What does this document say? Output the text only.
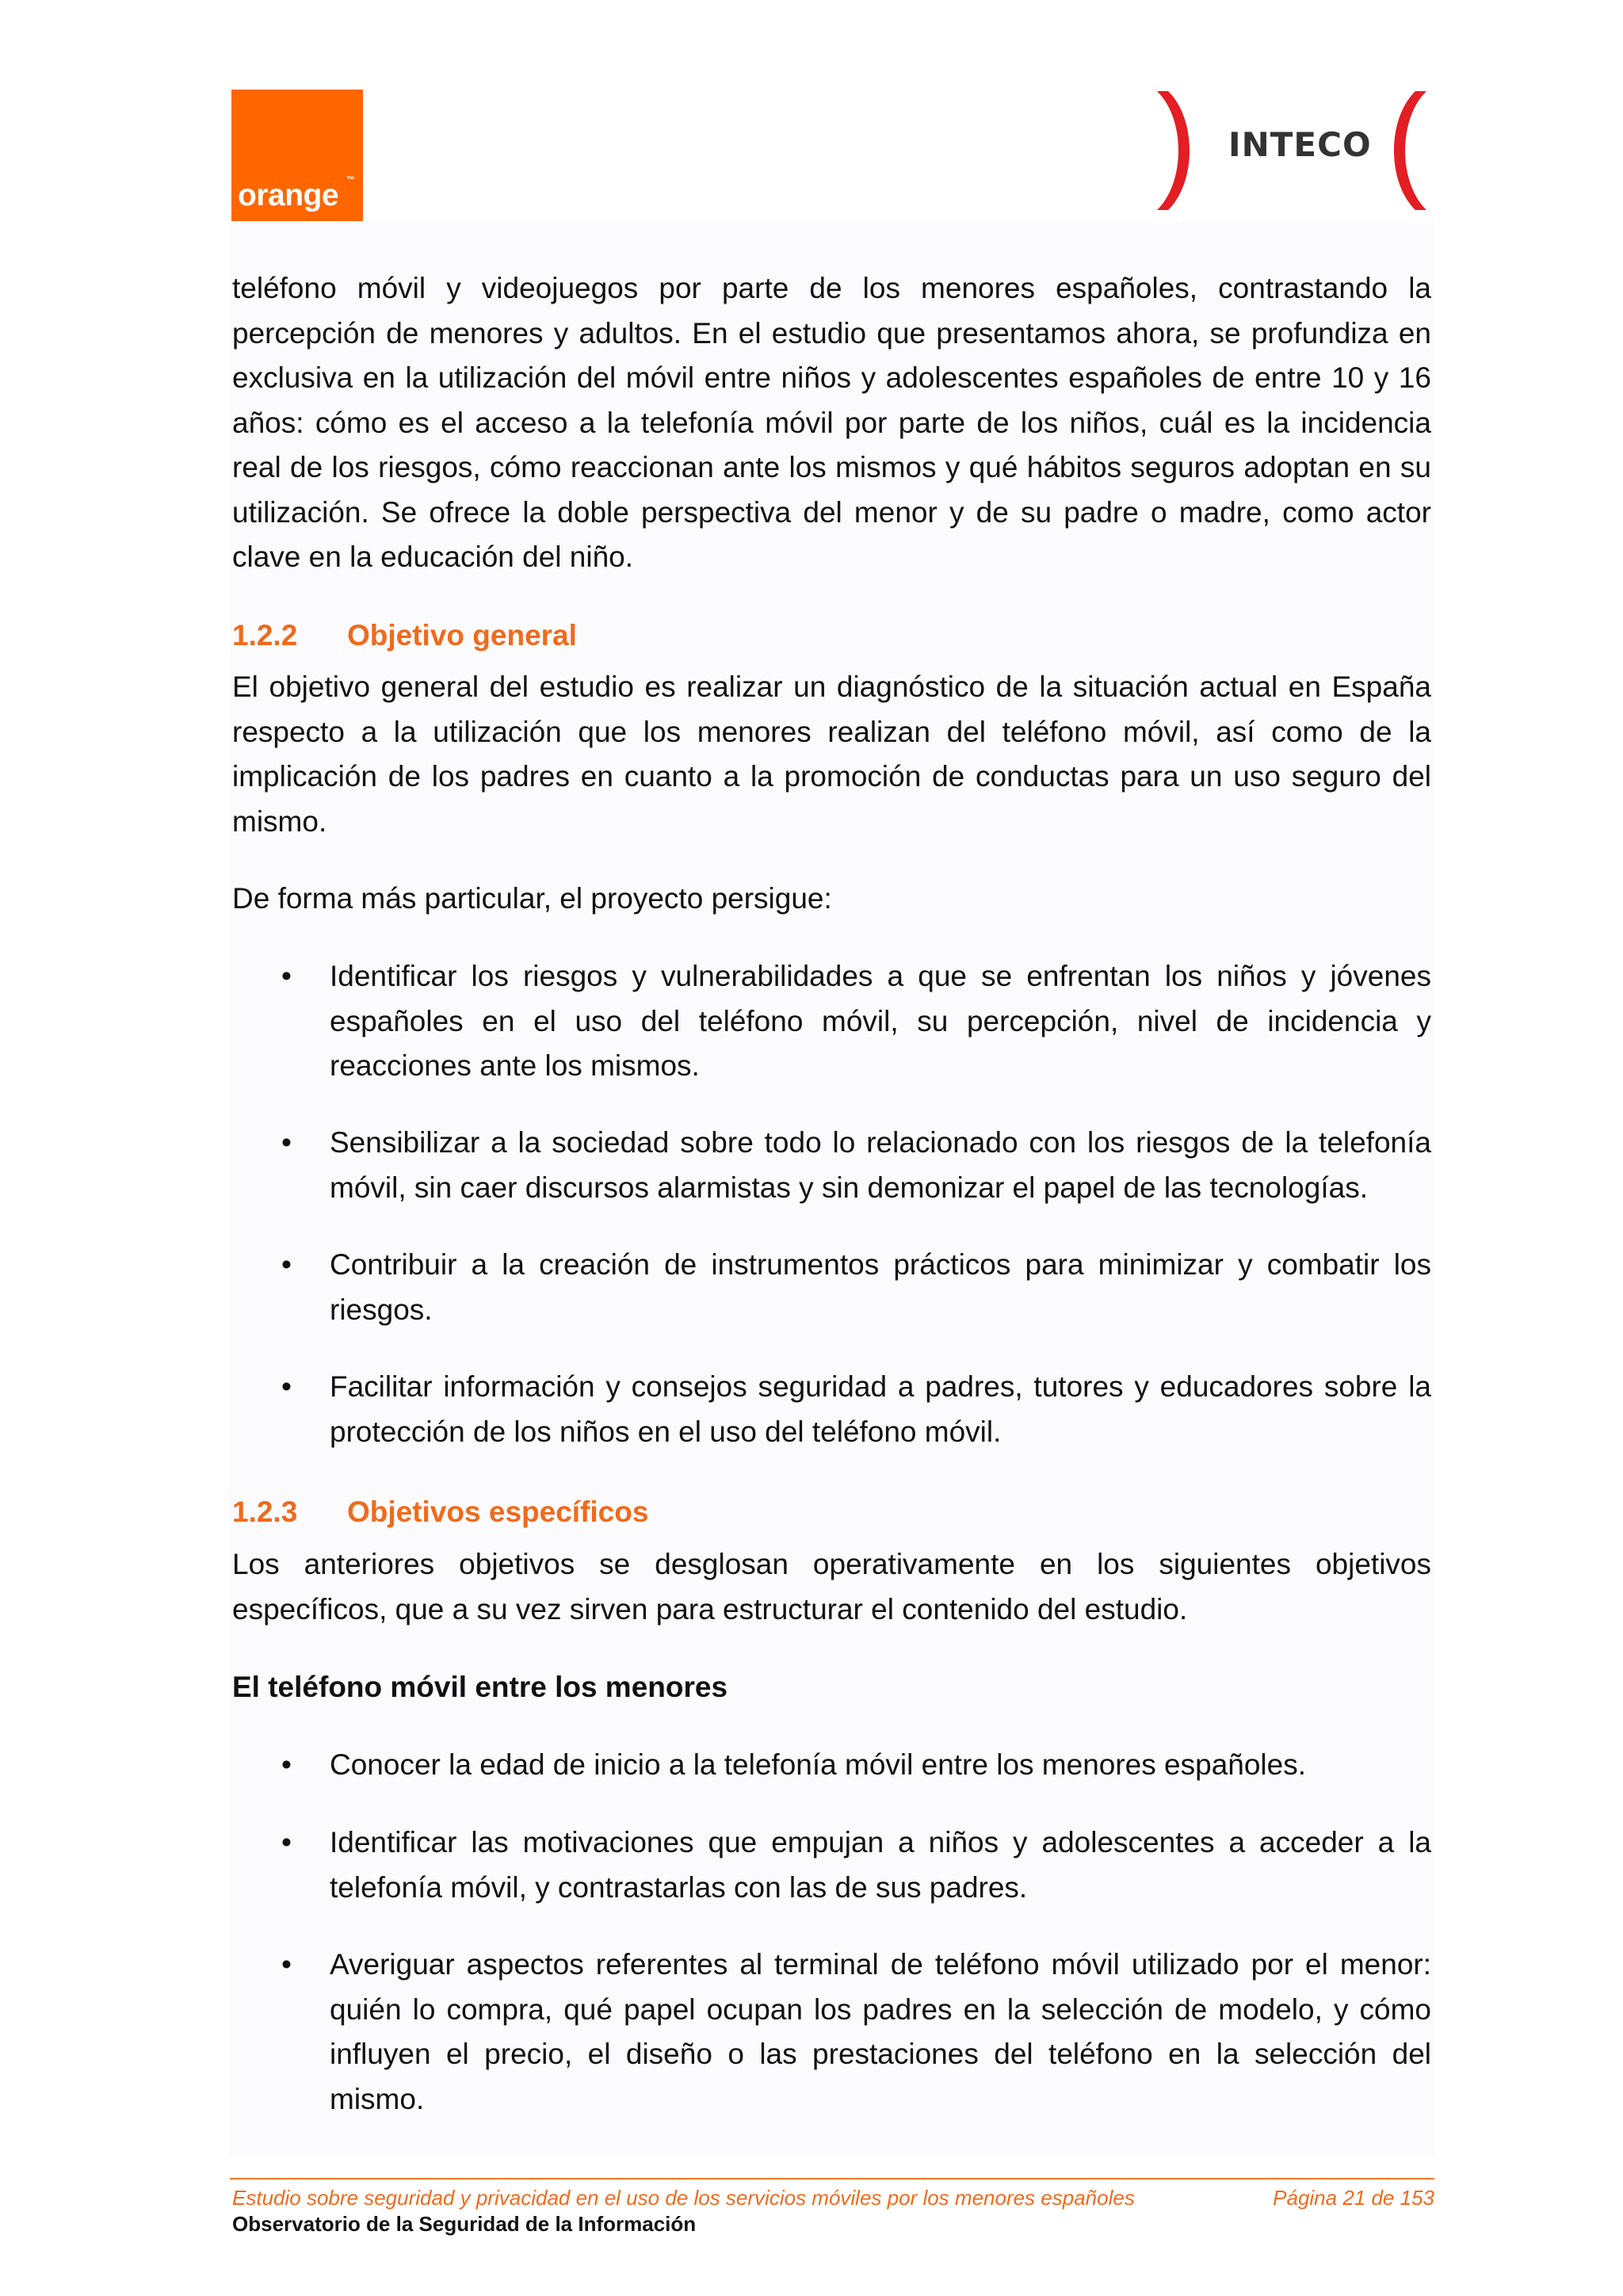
orange ™
INTECO

teléfono móvil y videojuegos por parte de los menores españoles, contrastando la percepción de menores y adultos. En el estudio que presentamos ahora, se profundiza en exclusiva en la utilización del móvil entre niños y adolescentes españoles de entre 10 y 16 años: cómo es el acceso a la telefonía móvil por parte de los niños, cuál es la incidencia real de los riesgos, cómo reaccionan ante los mismos y qué hábitos seguros adoptan en su utilización. Se ofrece la doble perspectiva del menor y de su padre o madre, como actor clave en la educación del niño.

1.2.2 Objetivo general

El objetivo general del estudio es realizar un diagnóstico de la situación actual en España respecto a la utilización que los menores realizan del teléfono móvil, así como de la implicación de los padres en cuanto a la promoción de conductas para un uso seguro del mismo.

De forma más particular, el proyecto persigue:

• Identificar los riesgos y vulnerabilidades a que se enfrentan los niños y jóvenes españoles en el uso del teléfono móvil, su percepción, nivel de incidencia y reacciones ante los mismos.

• Sensibilizar a la sociedad sobre todo lo relacionado con los riesgos de la telefonía móvil, sin caer discursos alarmistas y sin demonizar el papel de las tecnologías.

• Contribuir a la creación de instrumentos prácticos para minimizar y combatir los riesgos.

• Facilitar información y consejos seguridad a padres, tutores y educadores sobre la protección de los niños en el uso del teléfono móvil.

1.2.3 Objetivos específicos

Los anteriores objetivos se desglosan operativamente en los siguientes objetivos específicos, que a su vez sirven para estructurar el contenido del estudio.

El teléfono móvil entre los menores
• Conocer la edad de inicio a la telefonía móvil entre los menores españoles.

• Identificar las motivaciones que empujan a niños y adolescentes a acceder a la telefonía móvil, y contrastarlas con las de sus padres.

• Averiguar aspectos referentes al terminal de teléfono móvil utilizado por el menor: quién lo compra, qué papel ocupan los padres en la selección de modelo, y cómo influyen el precio, el diseño o las prestaciones del teléfono en la selección del mismo.

Estudio sobre seguridad y privacidad en el uso de los servicios móviles por los menores españoles	Página 21 de 153
Observatorio de la Seguridad de la Información
